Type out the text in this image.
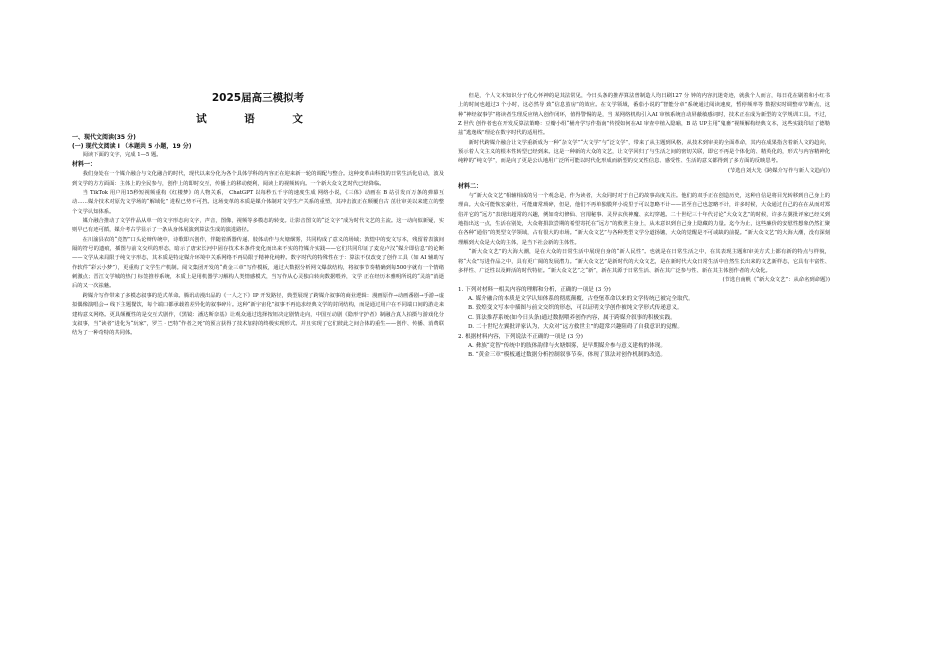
2025届高三模拟考
试 语 文

一、现代文阅读(35 分)

(一) 现代文阅读 I （本题共 5 小题，19 分)

阅读下面的文字，完成 1—5 题。

材料一：

我们身处在一个媒介融合与文化融合的时代，现代以来分化为各个具体学科的内容正在迎来新一轮的调配与整合。这种变革由科技的日常生活化启动，波及到文学的方方面面：主体上的全民参与，创作上的即时交互，传播上的移动便利，阅读上的视频转向。一个新大众文艺时代已经降临。

当 TikTok 用户用15秒短视频重构《红楼梦》的人物关系， ChatGPT 以每秒五千字的速度生成 网络小说，《三体》动画在 B 站引发百万条的弹幕互动……媒介技术对原先文学场的“解域化” 进程已势不可挡。这场变革的本质是媒介体制对文学生产关系的重塑，其冲击波正在颠覆自古 茁壮审美以来建立的整个文学认知体系。

媒介融合推动了文学作品从单一的文字形态向文字，声音，图像，视频等多模态的转变。让影音图文的“泛文字”成为时代文艺的主流。这一动向似新疑，实则早已有迹可循，媒介考古学显示了一条从身体展演到算法生成的演进路径。

在川渝县农的“竞智”口头论辩传统中，诗歌即兴创作，伴随着酒器传递、肢体动作与火塘烟雾，共同构成了意义的场域；敦煌中的变文写本，残留着表演间隔的符号的遗痕，插图与前文交织的形态，暗示了唐宋长河中固存技术本条件变化而出来不实的符媒介实践——它们共同印证了麦克卢汉“媒介即信息”的论断——文学从来局限于纯文字形态，其本质是特定媒介环境中关系网络不再局限于精神化纯粹。数字时代的特殊性在于：算法不仅改变了创作工具（如 AI 辅助写作软件“彩云小梦”），更重构了文学生产机制。阅文集团开发的“黄金三章”写作模板，通过大数据分析网文爆款结构，将叙事节奏精确到每500字就有一个情绪刺激点；晋江文学城的热门 标签推荐系统，本质上是用机器学习解构人类情感模式，当写作从心灵独白转向数据喂养，文学 正在经历本雅明所说的“灵韵”消逝后的又一次祛魅。

跨媒介写作带来了多模态叙事的范式革命。腾讯动漫出品的《一人之下》IP 开发路径，典型展现了跨媒介叙事的商业逻辑：漫画原作→动画番剧→手游→虚拟偶像演唱会→ 线下主题餐饮，每个端口都承载着差异化的叙事碎片。这种“新宇宙化”叙事不再追求经典文学的封闭结构，而是通过用户在不同端口间的游走来建构意义网络。更具颠覆性的是交互式剧作，《黑镜：潘达斯奈基》让观众通过选择按钮决定剧情走向，中国互动剧《隐形守护者》制融合真人拍摄与游戏化分支叙事，当“读者”进化为“玩家”，罗兰 · 巴特“作者之死”的预言获得了技术加持的终极实现形式。并且实现了它们彼此之间合体的重生——创作、传播、消费联结为了一种奇特的共同体。

但是，个人文本知识分子化心怀神的是其法常见，今日头条的推荐算法曾制造人均日刷127 分 钟的内容沉迷奇迹，就我个人而言，每日花在刷着和小红书上的时间也超过3 个小时，这必然导 致“信息茧房”的效应。在文学领域，番茄小说的“智能分章”系统通过阅读速度，暂停频率等 数据实时调整章节断点，这种“神经叙事学”将读者生理反应纳入创作闭环，值得警惕的是，当 某网络机构引入AI 审核系统自动屏蔽敏感词时，技术正在成为新型的文学规训工具。不过，Z 世代 创作者也在开发反算法策略：豆瓣小组“桶舟学写作指南”传授如何在AI 审查中植入隐喻，B 站 UP主用“鬼畜”视频解构经典文本，这些实践印证了德勒兹“逃逸线”理论在数字时代的适用性。

新时代跨媒介融合让文学重新成为一种“杂文学”“大文学”与“泛文学”，带来了从主题到风格，从技术到审美的全面革命，其内在成果指含着新人文的趋向，预示着人文主义的根本性转型已经到来。这是一种新的大众的文艺，让文学回归了与生活之间的密切关联，即它不再是个体化的、精英化的，形式与内容精神化纯粹的“纯文学”，而是向了更是公认地用广泛所可能以时代化形成而新型的交叉性信息、感受性、生活的意义都得到了多方面的反映思考。

(节选自刘大先《跨媒介写作与新人文趋向》)

材料二：

与“新大众文艺”相辅相成的另一个观念是，作为读者，大众同时对于自己的故事高度关注。他们的双手正在创造历史，这种自信是将目光转移到自己身上的理由。大众可能恢宏豪壮，可能庸常琐碎，但是，他们不再单独膜拜小说里于可以忽略不计——甚至自己也忽略不计，许多时候，大众通过自己的在在从而对郑俗并它的“远方”表现出超常的兴趣，例如奇幻修仙、宫闱秘事、灵异玄侠神魔、玄幻穿越。二十世纪三十年代讨论“大众文艺”的时候，许多左翼批评家已经义到地指出这一点，生活在别处，大众将捐款尝期的希望寄托在“远方”的救世主身上，从未意识到自己身上隐藏的力量。迄今为止，这些廉价的安慰性想象仍然汇聚在各种“通俗”的类型文学领域，占有很大的市场。“新大众文艺”与各种类型文学分道扬镳，大众的觉醒是不可或缺的前提。“新大众文艺”的大海大潮，没有深刻理解到大众是大众的主体，是当下社会新的主体性。

“新大众文艺”的大海大潮，是在大众的日常生活中展现自身的“新人民性”。也就是在日常生活之中，在其表现主题和审美方式上都有新的特点与样貌，将“大众”写进作品之中，具有更广阔的发展潜力。“新大众文艺”是新时代的大众文艺，是在新时代大众日常生活中自然生长出来的文艺新样态，它具有丰富性、多样性、广泛性以及鲜活的时代特征。“新大众文艺”之“新”，新在其源于日常生活、新在其广泛参与性、新在其主体创作者的大众化。

(节选自南帆《“新大众文艺”：从命名到命题》)

1. 下列对材料一相关内容的理解和分析，正确的一项是 (3 分)

A. 媒介融合的本质是文学认知体系的彻底颠覆，古登堡革命以来的文学传统已被完全取代。

B. 敦煌变文写本中插图与前文交织的形态，可以证明文学创作被纯文学形式传递意义。

C. 算法推荐系统(如今日头条)通过数据喂养创作内容，属于跨媒介叙事的积极实践。

D. 二十世纪左翼批评家认为，大众对“远方救世主”的超常兴趣阻碍了自我意识的觉醒。

2. 根据材料内容，下列说法不正确的一项是 (3 分)

A. 彝族“竞智”传统中的肢体韵律与火塘烟雾，是早期媒介参与意义建构的体现。

B. “黄金三章”模板通过数据分析控制叙事节奏，体现了算法对创作机制的改造。
